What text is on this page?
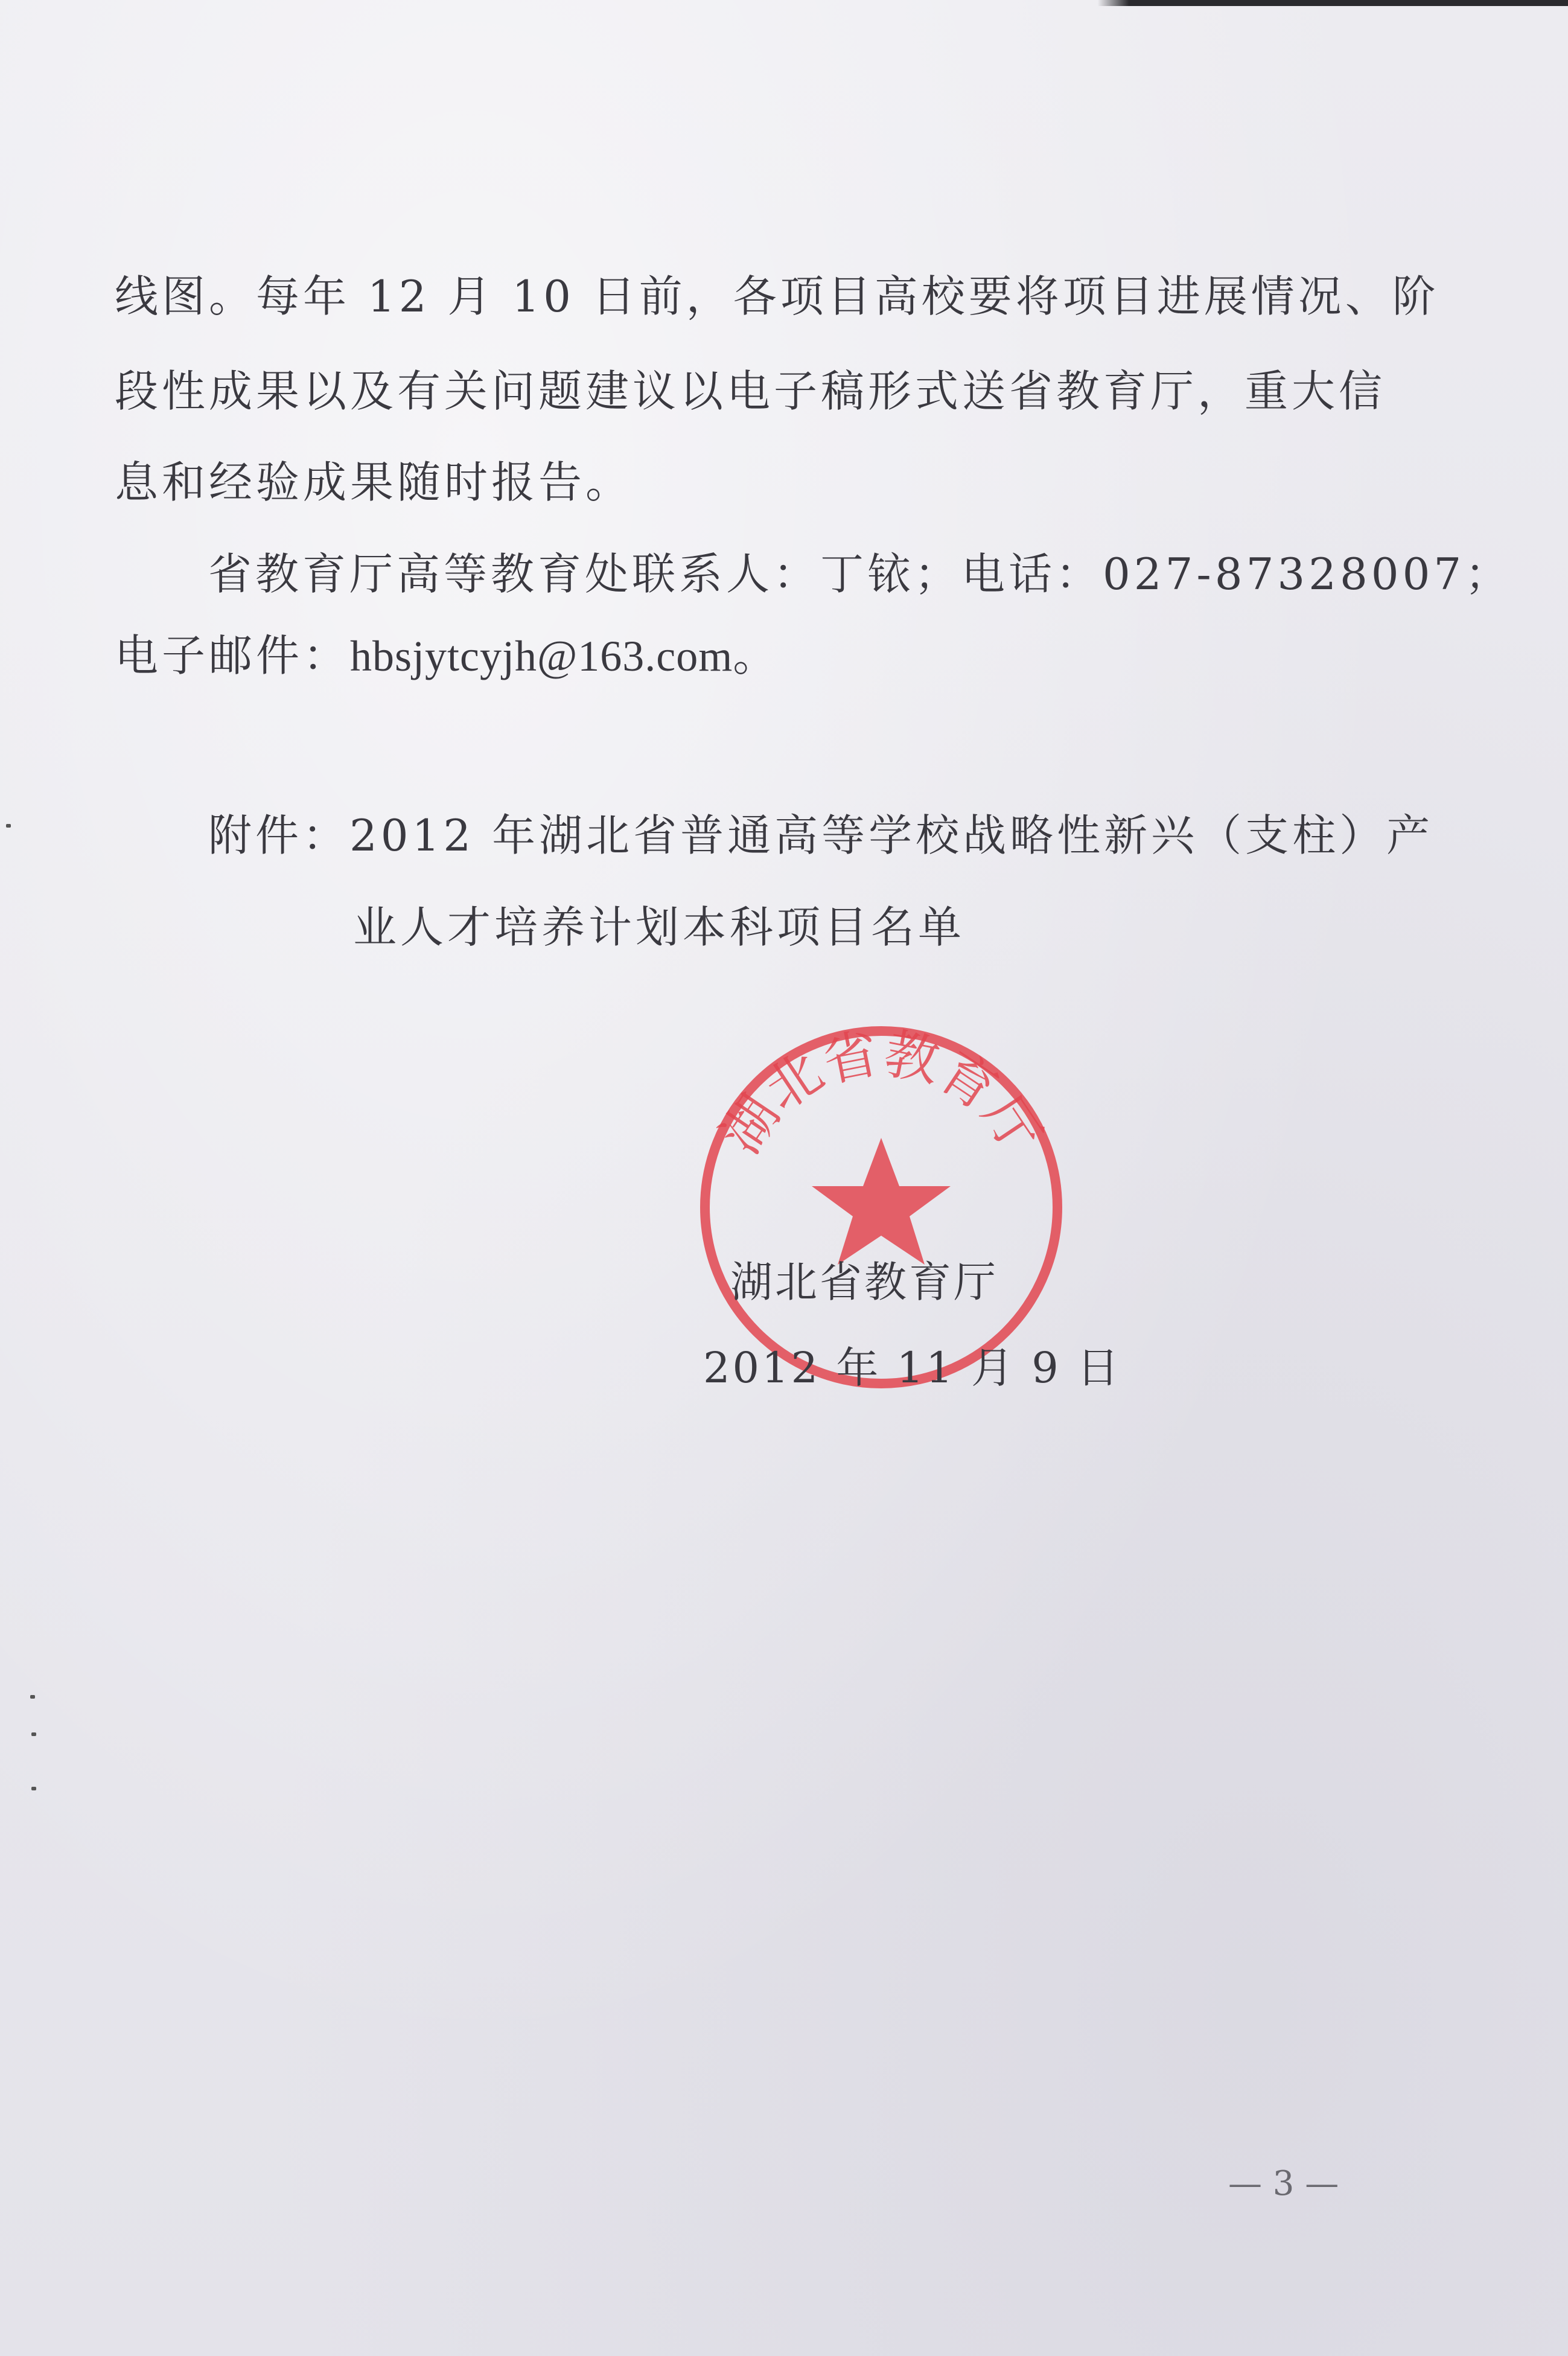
线图。每年 12 月 10 日前，各项目高校要将项目进展情况、阶
段性成果以及有关问题建议以电子稿形式送省教育厅，重大信
息和经验成果随时报告。
省教育厅高等教育处联系人：丁铱；电话：027-87328007；
电子邮件：hbsjytcyjh@163.com。
附件：2012 年湖北省普通高等学校战略性新兴（支柱）产
业人才培养计划本科项目名单
湖北省教育厅
湖北省教育厅
2012 年 11 月 9 日
— 3 —
